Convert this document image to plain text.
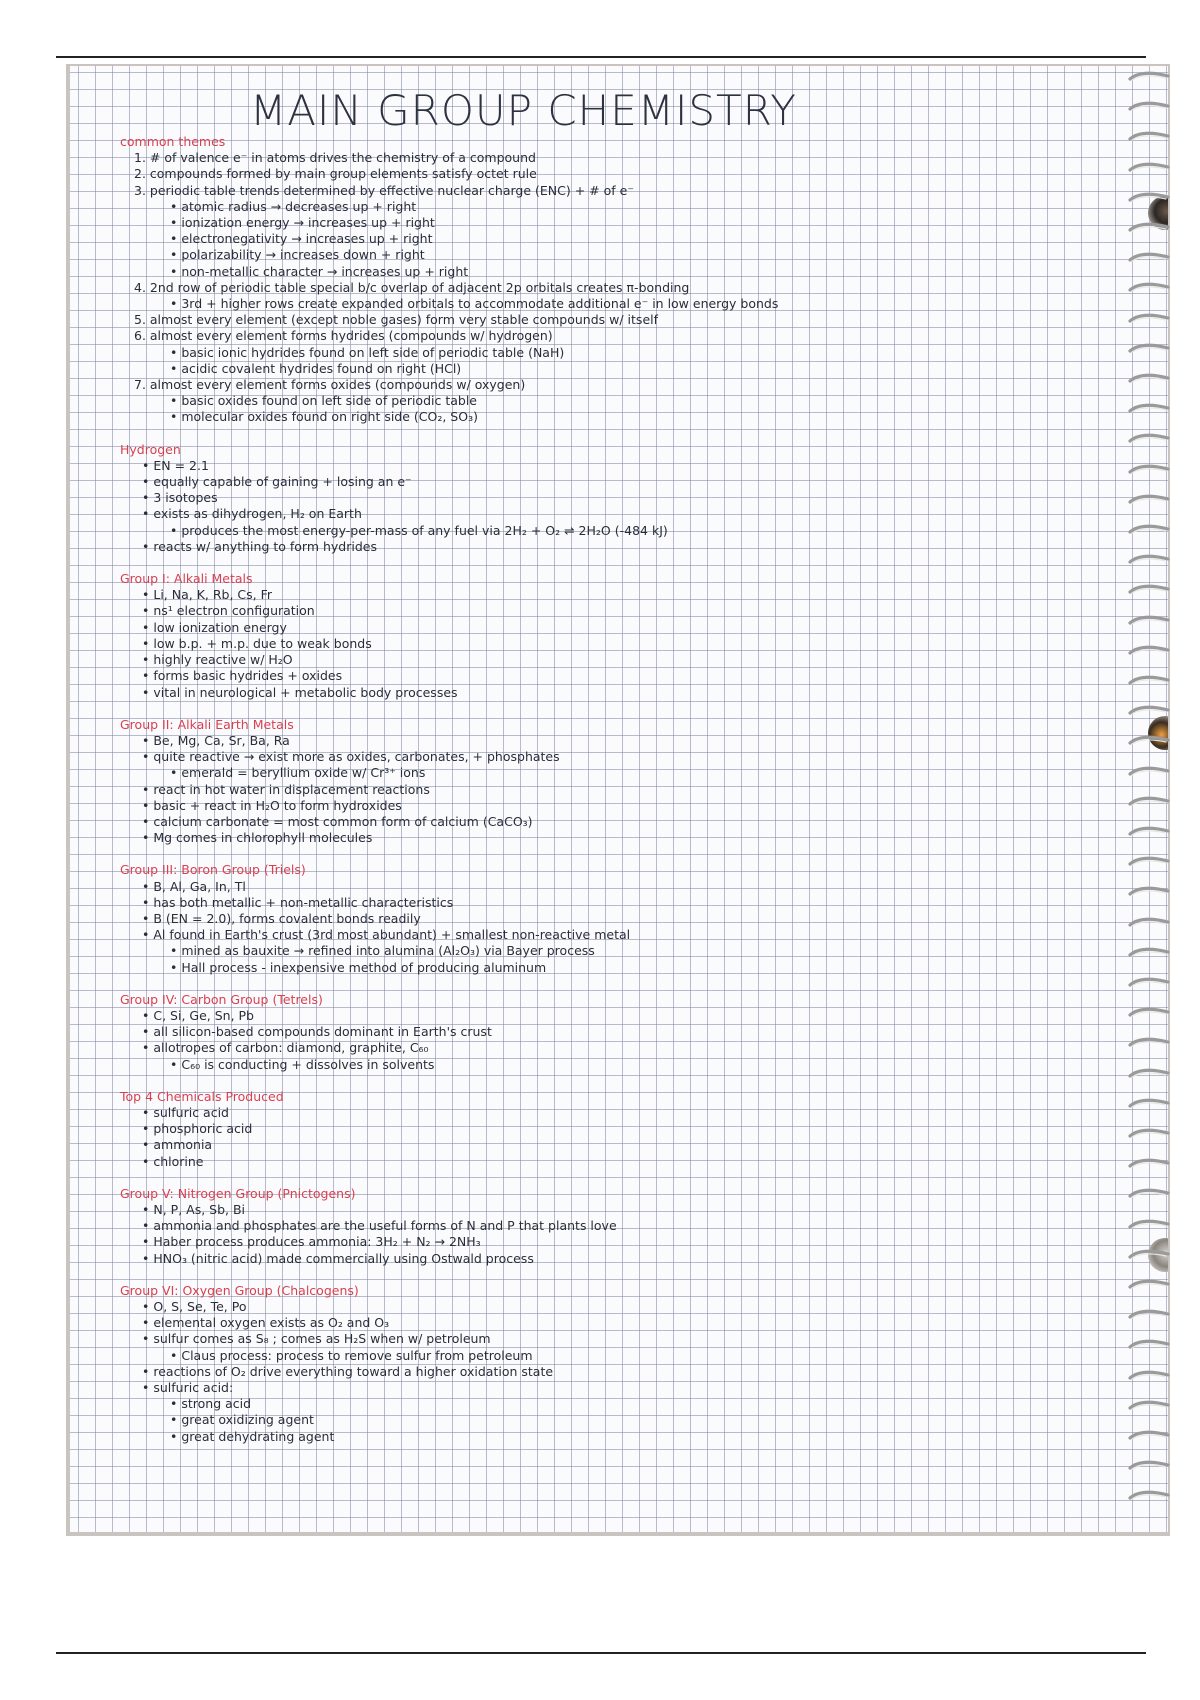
MAIN GROUP CHEMISTRY
common themes
1. # of valence e⁻ in atoms drives the chemistry of a compound
2. compounds formed by main group elements satisfy octet rule
3. periodic table trends determined by effective nuclear charge (ENC) + # of e⁻
• atomic radius → decreases up + right
• ionization energy → increases up + right
• electronegativity → increases up + right
• polarizability → increases down + right
• non-metallic character → increases up + right
4. 2nd row of periodic table special b/c overlap of adjacent 2p orbitals creates π-bonding
• 3rd + higher rows create expanded orbitals to accommodate additional e⁻ in low energy bonds
5. almost every element (except noble gases) form very stable compounds w/ itself
6. almost every element forms hydrides (compounds w/ hydrogen)
• basic ionic hydrides found on left side of periodic table (NaH)
• acidic covalent hydrides found on right (HCl)
7. almost every element forms oxides (compounds w/ oxygen)
• basic oxides found on left side of periodic table
• molecular oxides found on right side (CO₂, SO₃)
Hydrogen
• EN = 2.1
• equally capable of gaining + losing an e⁻
• 3 isotopes
• exists as dihydrogen, H₂ on Earth
• produces the most energy-per-mass of any fuel via 2H₂ + O₂ ⇌ 2H₂O (-484 kJ)
• reacts w/ anything to form hydrides
Group I: Alkali Metals
• Li, Na, K, Rb, Cs, Fr
• ns¹ electron configuration
• low ionization energy
• low b.p. + m.p. due to weak bonds
• highly reactive w/ H₂O
• forms basic hydrides + oxides
• vital in neurological + metabolic body processes
Group II: Alkali Earth Metals
• Be, Mg, Ca, Sr, Ba, Ra
• quite reactive → exist more as oxides, carbonates, + phosphates
• emerald = beryllium oxide w/ Cr³⁺ ions
• react in hot water in displacement reactions
• basic + react in H₂O to form hydroxides
• calcium carbonate = most common form of calcium (CaCO₃)
• Mg comes in chlorophyll molecules
Group III: Boron Group (Triels)
• B, Al, Ga, In, Tl
• has both metallic + non-metallic characteristics
• B (EN = 2.0), forms covalent bonds readily
• Al found in Earth's crust (3rd most abundant) + smallest non-reactive metal
• mined as bauxite → refined into alumina (Al₂O₃) via Bayer process
• Hall process - inexpensive method of producing aluminum
Group IV: Carbon Group (Tetrels)
• C, Si, Ge, Sn, Pb
• all silicon-based compounds dominant in Earth's crust
• allotropes of carbon: diamond, graphite, C₆₀
• C₆₀ is conducting + dissolves in solvents
Top 4 Chemicals Produced
• sulfuric acid
• phosphoric acid
• ammonia
• chlorine
Group V: Nitrogen Group (Pnictogens)
• N, P, As, Sb, Bi
• ammonia and phosphates are the useful forms of N and P that plants love
• Haber process produces ammonia: 3H₂ + N₂ → 2NH₃
• HNO₃ (nitric acid) made commercially using Ostwald process
Group VI: Oxygen Group (Chalcogens)
• O, S, Se, Te, Po
• elemental oxygen exists as O₂ and O₃
• sulfur comes as S₈ ; comes as H₂S when w/ petroleum
• Claus process: process to remove sulfur from petroleum
• reactions of O₂ drive everything toward a higher oxidation state
• sulfuric acid:
• strong acid
• great oxidizing agent
• great dehydrating agent
